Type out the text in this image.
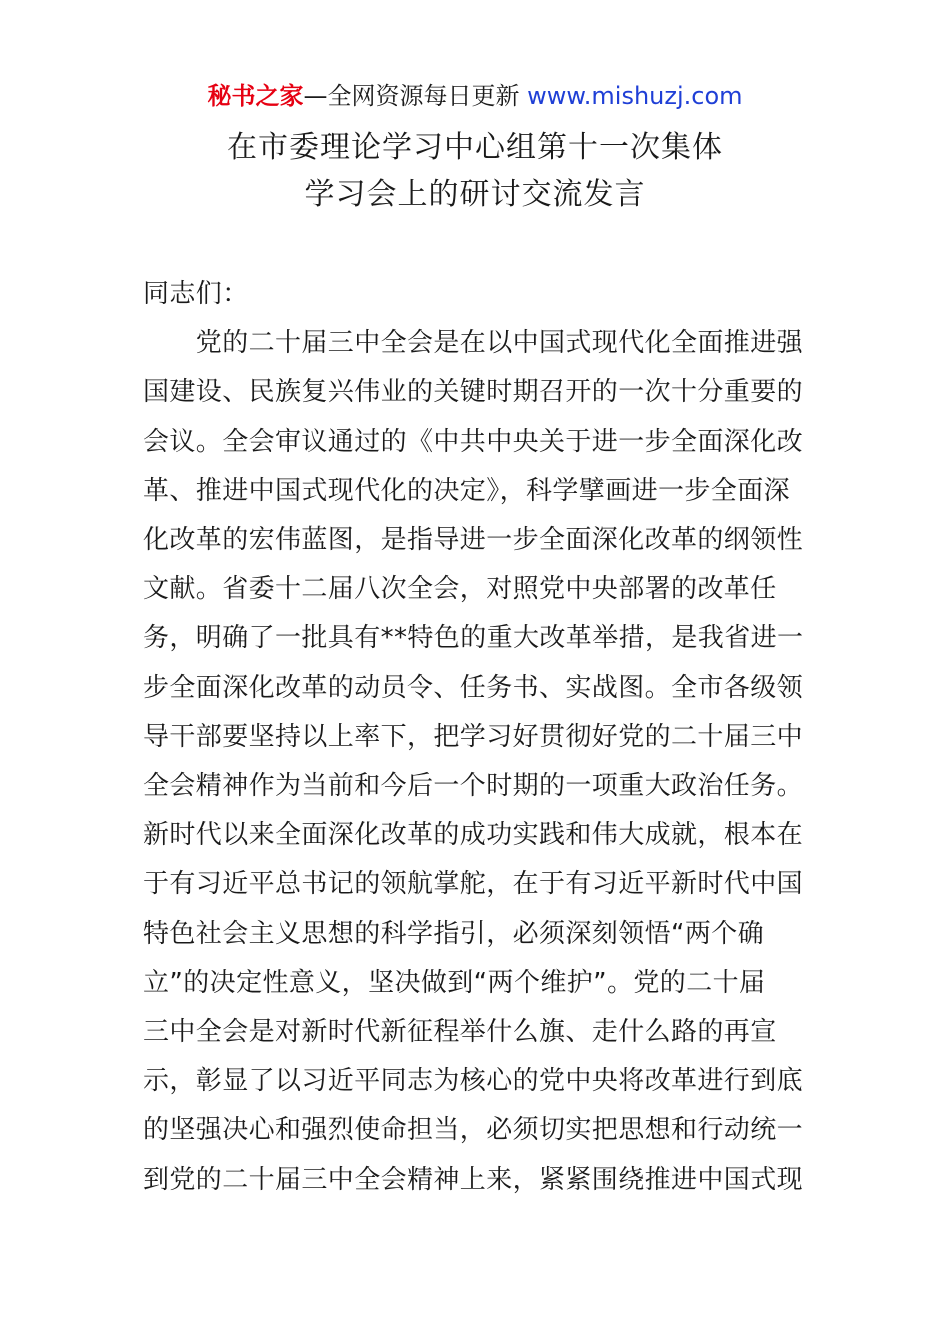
秘书之家—全网资源每日更新 www.mishuzj.com
在市委理论学习中心组第十一次集体
学习会上的研讨交流发言
同志们：
　　党的二十届三中全会是在以中国式现代化全面推进强
国建设、民族复兴伟业的关键时期召开的一次十分重要的
会议。全会审议通过的《中共中央关于进一步全面深化改
革、推进中国式现代化的决定》，科学擘画进一步全面深
化改革的宏伟蓝图，是指导进一步全面深化改革的纲领性
文献。省委十二届八次全会，对照党中央部署的改革任
务，明确了一批具有**特色的重大改革举措，是我省进一
步全面深化改革的动员令、任务书、实战图。全市各级领
导干部要坚持以上率下，把学习好贯彻好党的二十届三中
全会精神作为当前和今后一个时期的一项重大政治任务。
新时代以来全面深化改革的成功实践和伟大成就，根本在
于有习近平总书记的领航掌舵，在于有习近平新时代中国
特色社会主义思想的科学指引，必须深刻领悟“两个确
立”的决定性意义，坚决做到“两个维护”。党的二十届
三中全会是对新时代新征程举什么旗、走什么路的再宣
示，彰显了以习近平同志为核心的党中央将改革进行到底
的坚强决心和强烈使命担当，必须切实把思想和行动统一
到党的二十届三中全会精神上来，紧紧围绕推进中国式现
